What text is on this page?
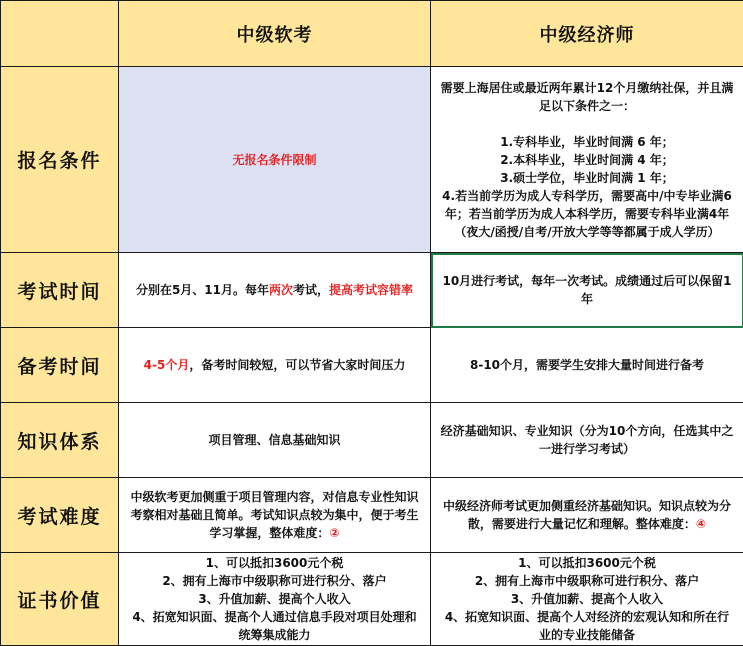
	中级软考	中级经济师
报名条件	无报名条件限制	需要上海居住或最近两年累计12个月缴纳社保，并且满足以下条件之一：
1.专科毕业，毕业时间满 6 年；
2.本科毕业，毕业时间满 4 年；
3.硕士学位，毕业时间满 1 年；
4.若当前学历为成人专科学历，需要高中/中专毕业满6年；若当前学历为成人本科学历，需要专科毕业满4年（夜大/函授/自考/开放大学等等都属于成人学历）

考试时间	分别在5月、11月。每年两次考试，提高考试容错率	10月进行考试，每年一次考试。成绩通过后可以保留1年
备考时间	4-5个月，备考时间较短，可以节省大家时间压力	8-10个月，需要学生安排大量时间进行备考
知识体系	项目管理、信息基础知识	经济基础知识、专业知识（分为10个方向，任选其中之一进行学习考试）
考试难度	中级软考更加侧重于项目管理内容，对信息专业性知识考察相对基础且简单。考试知识点较为集中，便于考生学习掌握，整体难度：②	中级经济师考试更加侧重经济基础知识。知识点较为分散，需要进行大量记忆和理解。整体难度：④
证书价值	1、可以抵扣3600元个税
2、拥有上海市中级职称可进行积分、落户
3、升值加薪、提高个人收入
4、拓宽知识面、提高个人通过信息手段对项目处理和统筹集成能力	1、可以抵扣3600元个税
2、拥有上海市中级职称可进行积分、落户
3、升值加薪、提高个人收入
4、拓宽知识面、提高个人对经济的宏观认知和所在行业的专业技能储备
